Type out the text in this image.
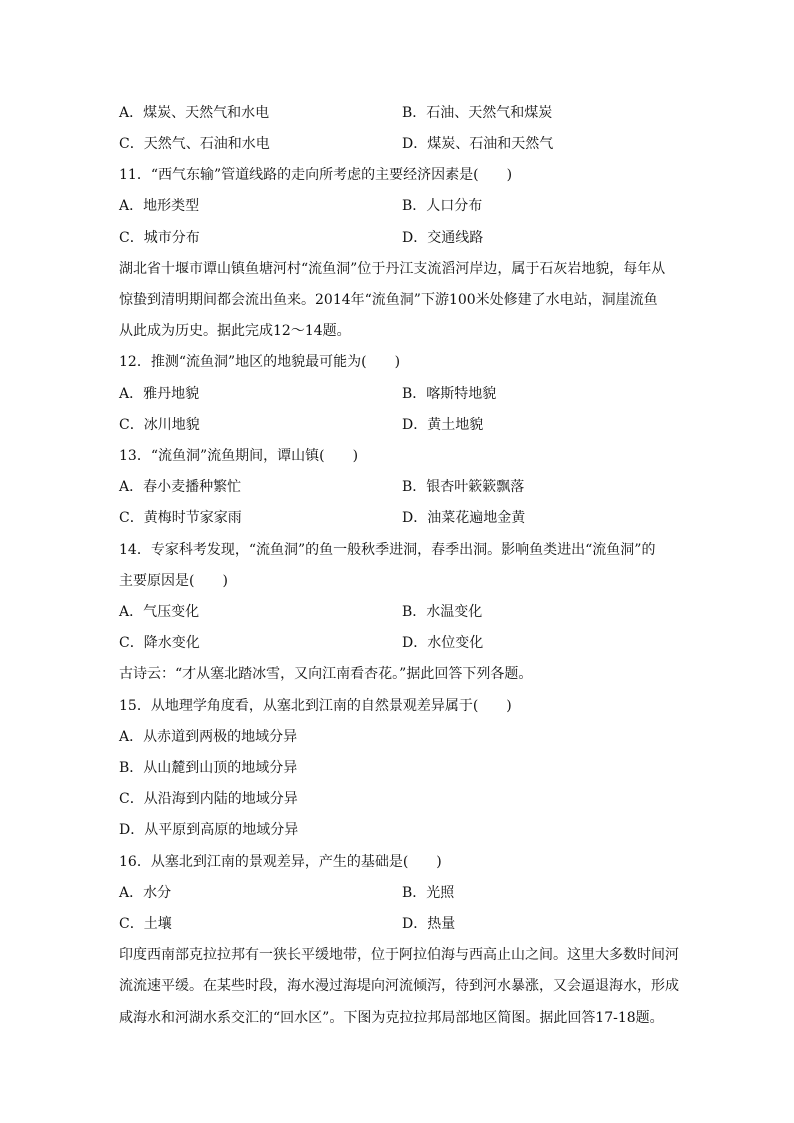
A．煤炭、天然气和水电	B．石油、天然气和煤炭
C．天然气、石油和水电	D．煤炭、石油和天然气
11．“西气东输”管道线路的走向所考虑的主要经济因素是(　　)
A．地形类型	B．人口分布
C．城市分布	D．交通线路
湖北省十堰市谭山镇鱼塘河村“流鱼洞”位于丹江支流滔河岸边，属于石灰岩地貌，每年从
惊蛰到清明期间都会流出鱼来。2014年“流鱼洞”下游100米处修建了水电站，洞崖流鱼
从此成为历史。据此完成12～14题。
12．推测“流鱼洞”地区的地貌最可能为(　　)
A．雅丹地貌	B．喀斯特地貌
C．冰川地貌	D．黄土地貌
13．“流鱼洞”流鱼期间，谭山镇(　　)
A．春小麦播种繁忙	B．银杏叶簌簌飘落
C．黄梅时节家家雨	D．油菜花遍地金黄
14．专家科考发现，“流鱼洞”的鱼一般秋季进洞，春季出洞。影响鱼类进出“流鱼洞”的
主要原因是(　　)
A．气压变化	B．水温变化
C．降水变化	D．水位变化
古诗云：“才从塞北踏冰雪，又向江南看杏花。”据此回答下列各题。
15．从地理学角度看，从塞北到江南的自然景观差异属于(　　)
A．从赤道到两极的地域分异
B．从山麓到山顶的地域分异
C．从沿海到内陆的地域分异
D．从平原到高原的地域分异
16．从塞北到江南的景观差异，产生的基础是(　　)
A．水分	B．光照
C．土壤	D．热量
印度西南部克拉拉邦有一狭长平缓地带，位于阿拉伯海与西高止山之间。这里大多数时间河
流流速平缓。在某些时段，海水漫过海堤向河流倾泻，待到河水暴涨，又会逼退海水，形成
咸海水和河湖水系交汇的“回水区”。下图为克拉拉邦局部地区简图。据此回答17-18题。
